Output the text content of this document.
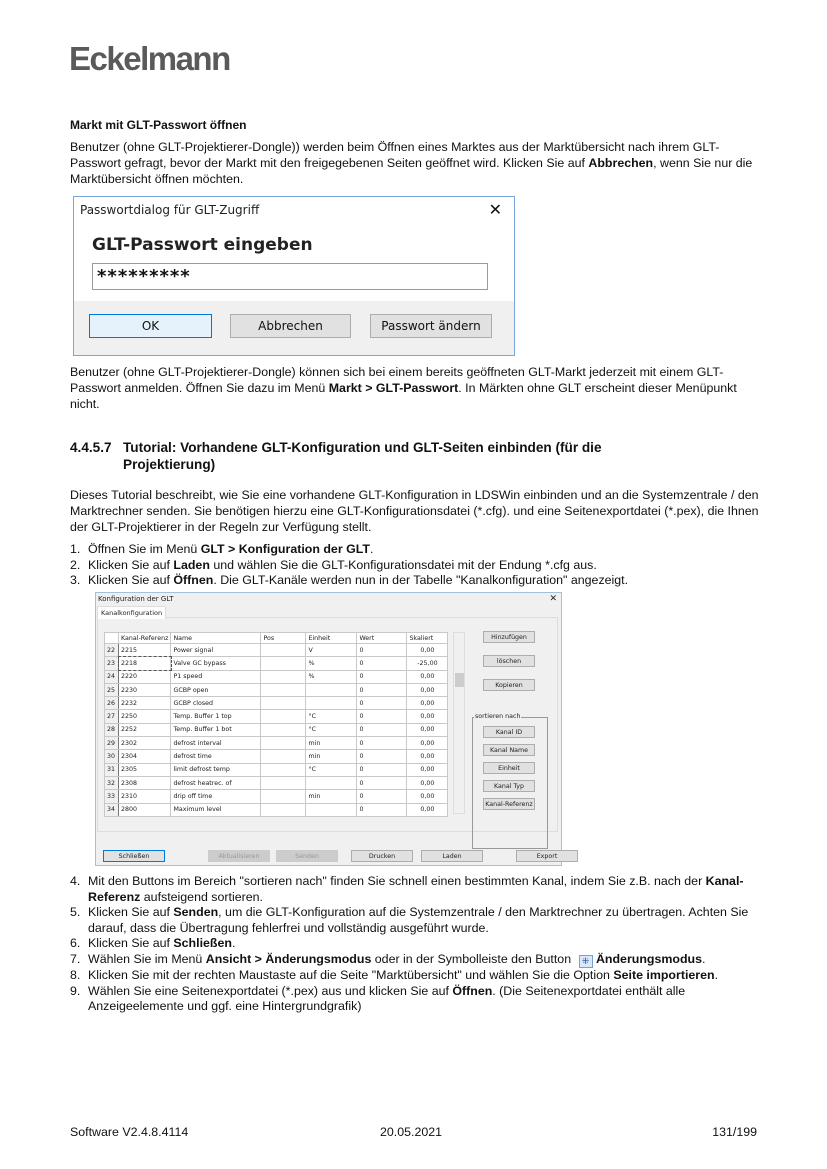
Eckelmann
Markt mit GLT-Passwort öffnen
Benutzer (ohne GLT-Projektierer-Dongle)) werden beim Öffnen eines Marktes aus der Marktübersicht nach ihrem GLT-Passwort gefragt, bevor der Markt mit den freigegebenen Seiten geöffnet wird. Klicken Sie auf Abbrechen, wenn Sie nur die Marktübersicht öffnen möchten.
Passwortdialog für GLT-Zugriff	✕
GLT-Passwort eingeben
*********
OK	Abbrechen	Passwort ändern
Benutzer (ohne GLT-Projektierer-Dongle) können sich bei einem bereits geöffneten GLT-Markt jederzeit mit einem GLT-Passwort anmelden. Öffnen Sie dazu im Menü Markt > GLT-Passwort. In Märkten ohne GLT erscheint dieser Menüpunkt nicht.
4.4.5.7 Tutorial: Vorhandene GLT-Konfiguration und GLT-Seiten einbinden (für die
Projektierung)
Dieses Tutorial beschreibt, wie Sie eine vorhandene GLT-Konfiguration in LDSWin einbinden und an die Systemzentrale / den Marktrechner senden. Sie benötigen hierzu eine GLT-Konfigurationsdatei (*.cfg). und eine Seitenexportdatei (*.pex), die Ihnen der GLT-Projektierer in der Regeln zur Verfügung stellt.
1. Öffnen Sie im Menü GLT > Konfiguration der GLT.
2. Klicken Sie auf Laden und wählen Sie die GLT-Konfigurationsdatei mit der Endung *.cfg aus.
3. Klicken Sie auf Öffnen. Die GLT-Kanäle werden nun in der Tabelle "Kanalkonfiguration" angezeigt.
Konfiguration der GLT	✕
Kanalkonfiguration
	Kanal-Referenz	Name	Pos	Einheit	Wert	Skaliert
22	2215	Power signal		V	0	0,00
23	2218	Valve GC bypass		%	0	-25,00
24	2220	P1 speed		%	0	0,00
25	2230	GCBP open			0	0,00
26	2232	GCBP closed			0	0,00
27	2250	Temp. Buffer 1 top		°C	0	0,00
28	2252	Temp. Buffer 1 bot		°C	0	0,00
29	2302	defrost interval		min	0	0,00
30	2304	defrost time		min	0	0,00
31	2305	limit defrost temp		°C	0	0,00
32	2308	defrost heatrec. of			0	0,00
33	2310	drip off time		min	0	0,00
34	2800	Maximum level			0	0,00
Hinzufügen
löschen
Kopieren
sortieren nach
Kanal ID
Kanal Name
Einheit
Kanal Typ
Kanal-Referenz
Schließen	Aktualisieren	Senden	Drucken	Laden	Export
4. Mit den Buttons im Bereich "sortieren nach" finden Sie schnell einen bestimmten Kanal, indem Sie z.B. nach der Kanal-Referenz aufsteigend sortieren.
5. Klicken Sie auf Senden, um die GLT-Konfiguration auf die Systemzentrale / den Marktrechner zu übertragen. Achten Sie darauf, dass die Übertragung fehlerfrei und vollständig ausgeführt wurde.
6. Klicken Sie auf Schließen.
7. Wählen Sie im Menü Ansicht > Änderungsmodus oder in der Symbolleiste den Button ⁜ Änderungsmodus.
8. Klicken Sie mit der rechten Maustaste auf die Seite "Marktübersicht" und wählen Sie die Option Seite importieren.
9. Wählen Sie eine Seitenexportdatei (*.pex) aus und klicken Sie auf Öffnen. (Die Seitenexportdatei enthält alle Anzeigeelemente und ggf. eine Hintergrundgrafik)
Software V2.4.8.4114	20.05.2021	131/199
